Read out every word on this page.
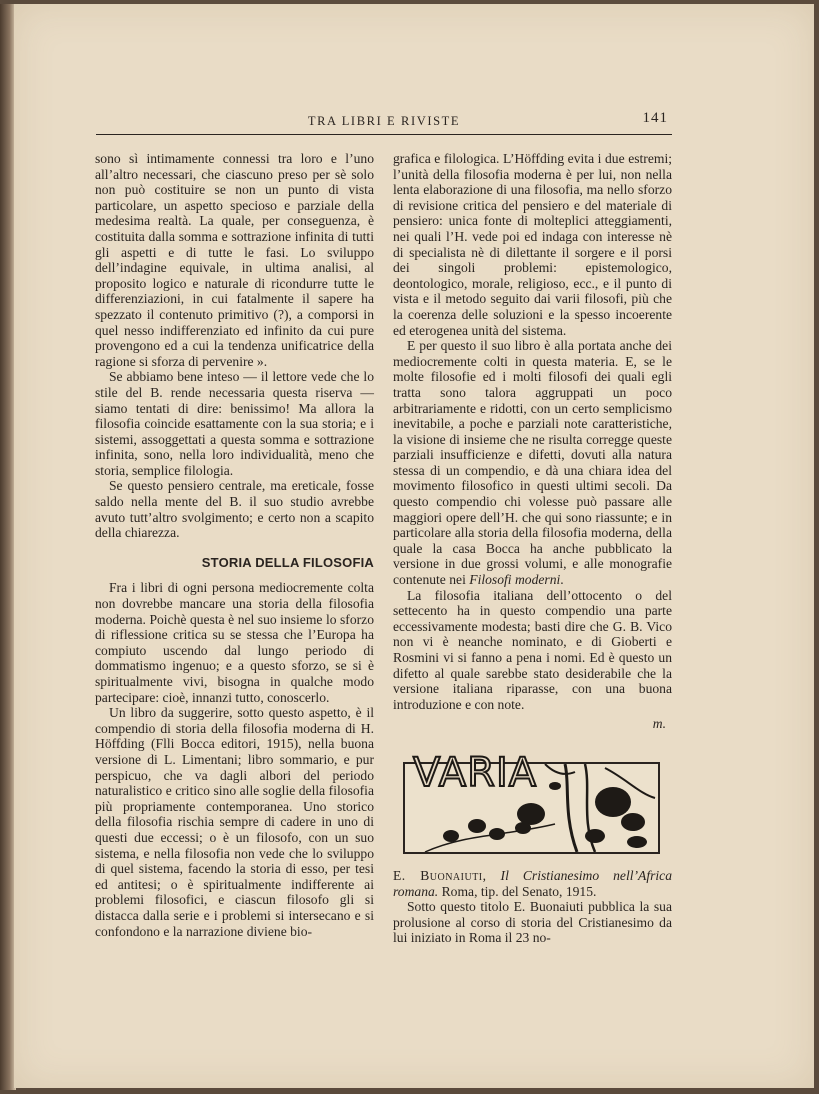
TRA LIBRI E RIVISTE	141

sono sì intimamente connessi tra loro e l’uno all’altro necessari, che ciascuno preso per sè solo non può costituire se non un punto di vista particolare, un aspetto specioso e parziale della medesima realtà. La quale, per conseguenza, è costituita dalla somma e sottrazione infinita di tutti gli aspetti e di tutte le fasi. Lo sviluppo dell’indagine equivale, in ultima analisi, al proposito logico e naturale di ricondurre tutte le differenziazioni, in cui fatalmente il sapere ha spezzato il contenuto primitivo (?), a comporsi in quel nesso indifferenziato ed infinito da cui pure provengono ed a cui la tendenza unificatrice della ragione si sforza di pervenire ».

Se abbiamo bene inteso — il lettore vede che lo stile del B. rende necessaria questa riserva — siamo tentati di dire: benissimo! Ma allora la filosofia coincide esattamente con la sua storia; e i sistemi, assoggettati a questa somma e sottrazione infinita, sono, nella loro individualità, meno che storia, semplice filologia.

Se questo pensiero centrale, ma ereticale, fosse saldo nella mente del B. il suo studio avrebbe avuto tutt’altro svolgimento; e certo non a scapito della chiarezza.

STORIA DELLA FILOSOFIA

Fra i libri di ogni persona mediocremente colta non dovrebbe mancare una storia della filosofia moderna. Poichè questa è nel suo insieme lo sforzo di riflessione critica su se stessa che l’Europa ha compiuto uscendo dal lungo periodo di dommatismo ingenuo; e a questo sforzo, se si è spiritualmente vivi, bisogna in qualche modo partecipare: cioè, innanzi tutto, conoscerlo.

Un libro da suggerire, sotto questo aspetto, è il compendio di storia della filosofia moderna di H. Höffding (Flli Bocca editori, 1915), nella buona versione di L. Limentani; libro sommario, e pur perspicuo, che va dagli albori del periodo naturalistico e critico sino alle soglie della filosofia più propriamente contemporanea. Uno storico della filosofia rischia sempre di cadere in uno di questi due eccessi; o è un filosofo, con un suo sistema, e nella filosofia non vede che lo sviluppo di quel sistema, facendo la storia di esso, per tesi ed antitesi; o è spiritualmente indifferente ai problemi filosofici, e ciascun filosofo gli si distacca dalla serie e i problemi si intersecano e si confondono e la narrazione diviene bio-

grafica e filologica. L’Höffding evita i due estremi; l’unità della filosofia moderna è per lui, non nella lenta elaborazione di una filosofia, ma nello sforzo di revisione critica del pensiero e del materiale di pensiero: unica fonte di molteplici atteggiamenti, nei quali l’H. vede poi ed indaga con interesse nè di specialista nè di dilettante il sorgere e il porsi dei singoli problemi: epistemologico, deontologico, morale, religioso, ecc., e il punto di vista e il metodo seguito dai varii filosofi, più che la coerenza delle soluzioni e la spesso incoerente ed eterogenea unità del sistema.

E per questo il suo libro è alla portata anche dei mediocremente colti in questa materia. E, se le molte filosofie ed i molti filosofi dei quali egli tratta sono talora aggruppati un poco arbitrariamente e ridotti, con un certo semplicismo inevitabile, a poche e parziali note caratteristiche, la visione di insieme che ne risulta corregge queste parziali insufficienze e difetti, dovuti alla natura stessa di un compendio, e dà una chiara idea del movimento filosofico in questi ultimi secoli. Da questo compendio chi volesse può passare alle maggiori opere dell’H. che qui sono riassunte; e in particolare alla storia della filosofia moderna, della quale la casa Bocca ha anche pubblicato la versione in due grossi volumi, e alle monografie contenute nei Filosofi moderni.

La filosofia italiana dell’ottocento o del settecento ha in questo compendio una parte eccessivamente modesta; basti dire che G. B. Vico non vi è neanche nominato, e di Gioberti e Rosmini vi si fanno a pena i nomi. Ed è questo un difetto al quale sarebbe stato desiderabile che la versione italiana riparasse, con una buona introduzione e con note.

m.
VARIA

E. Buonaiuti, Il Cristianesimo nell’Africa romana. Roma, tip. del Senato, 1915.

Sotto questo titolo E. Buonaiuti pubblica la sua prolusione al corso di storia del Cristianesimo da lui iniziato in Roma il 23 no-
